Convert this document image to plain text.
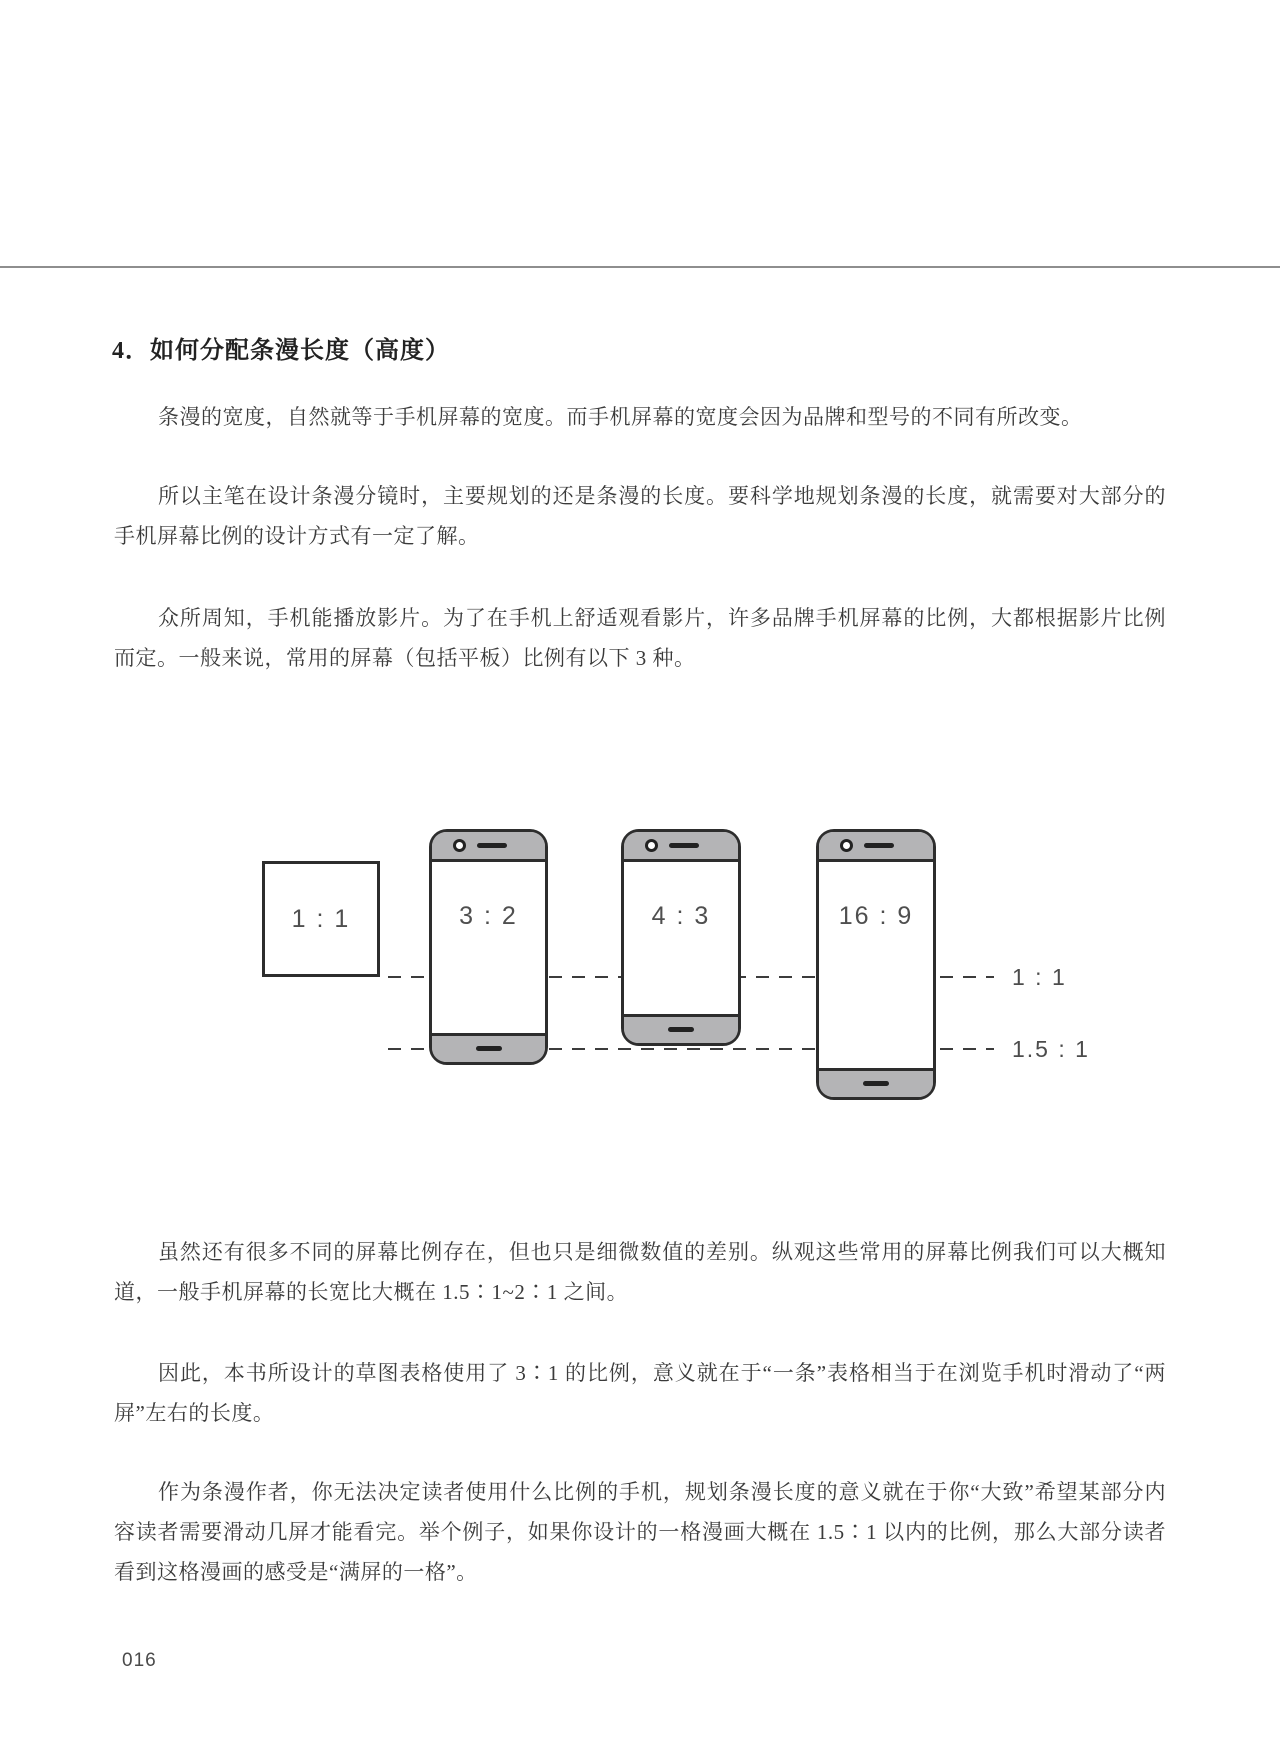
4．如何分配条漫长度（高度）

条漫的宽度，自然就等于手机屏幕的宽度。而手机屏幕的宽度会因为品牌和型号的不同有所改变。

所以主笔在设计条漫分镜时，主要规划的还是条漫的长度。要科学地规划条漫的长度，就需要对大部分的手机屏幕比例的设计方式有一定了解。

众所周知，手机能播放影片。为了在手机上舒适观看影片，许多品牌手机屏幕的比例，大都根据影片比例而定。一般来说，常用的屏幕（包括平板）比例有以下 3 种。

1 : 1	3 : 2	4 : 3	16 : 9
1 : 1
1.5 : 1

虽然还有很多不同的屏幕比例存在，但也只是细微数值的差别。纵观这些常用的屏幕比例我们可以大概知道，一般手机屏幕的长宽比大概在 1.5∶1~2∶1 之间。

因此，本书所设计的草图表格使用了 3∶1 的比例，意义就在于“一条”表格相当于在浏览手机时滑动了“两屏”左右的长度。

作为条漫作者，你无法决定读者使用什么比例的手机，规划条漫长度的意义就在于你“大致”希望某部分内容读者需要滑动几屏才能看完。举个例子，如果你设计的一格漫画大概在 1.5∶1 以内的比例，那么大部分读者看到这格漫画的感受是“满屏的一格”。

016
